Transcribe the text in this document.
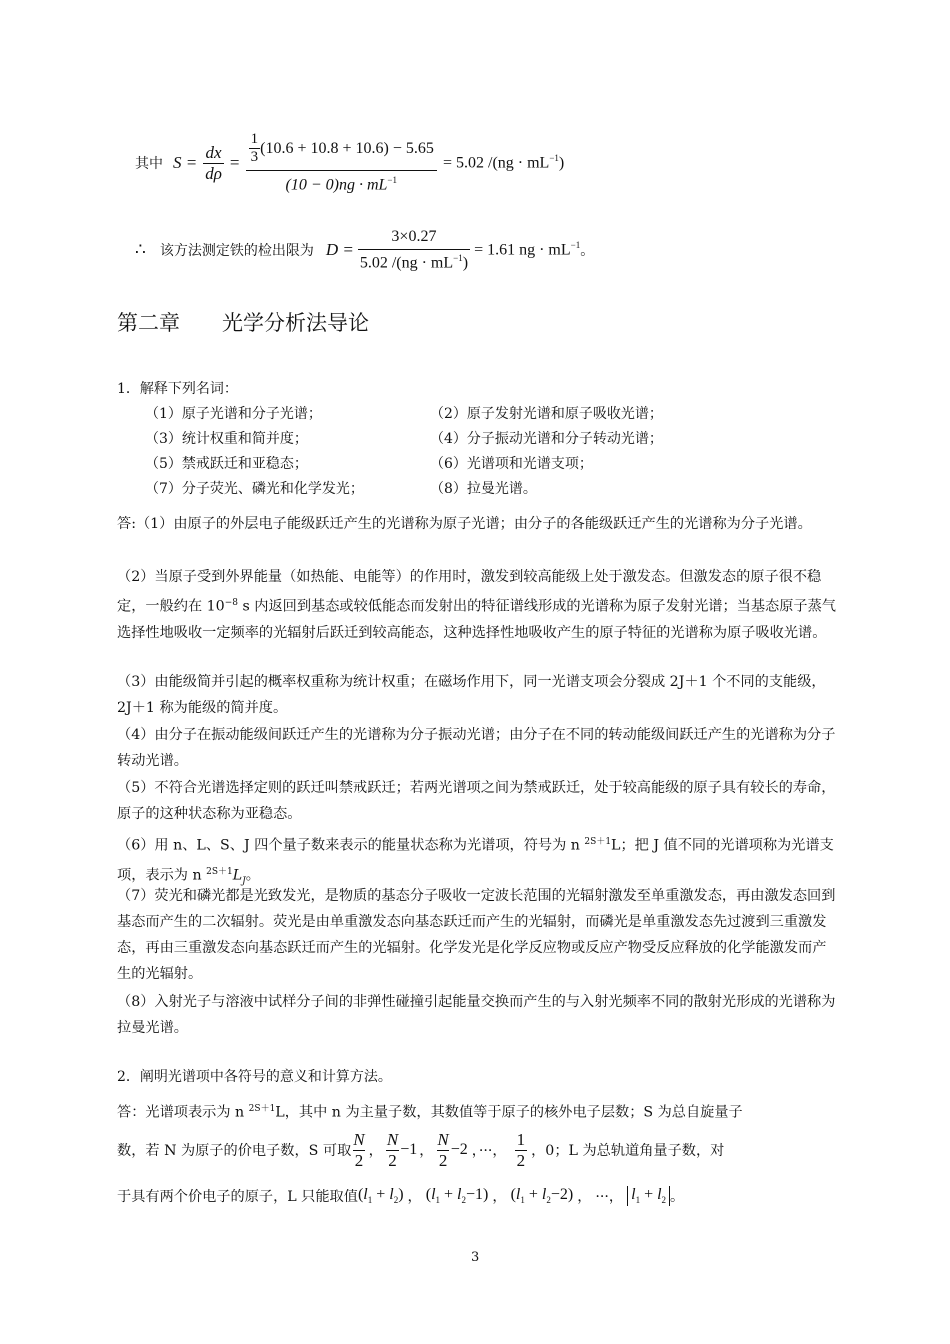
其中 $S = \frac{dx}{d\rho} = \frac{\frac{1}{3} (10.6 + 10.8 + 10.6) - 5.65}{(10 - 0)ng \cdot mL^{-1}} = 5.02$ $/(ng \cdot mL^{-1})$
∴ 该方法测定铁的检出限为 $D = \frac{3\times 0.27}{5.02 /(ng \cdot mL^{-1})} = 1.61$ ng · $mL^{-1}$ 。
第二章　　光学分析法导论
1．解释下列名词：
（1）原子光谱和分子光谱；	（2）原子发射光谱和原子吸收光谱；
（3）统计权重和简并度；	（4）分子振动光谱和分子转动光谱；
（5）禁戒跃迁和亚稳态；	（6）光谱项和光谱支项；
（7）分子荧光、磷光和化学发光；	（8）拉曼光谱。

答:（1）由原子的外层电子能级跃迁产生的光谱称为原子光谱；由分子的各能级跃迁产生的光谱称为分子光谱。

（2）当原子受到外界能量（如热能、电能等）的作用时，激发到较高能级上处于激发态。但激发态的原子很不稳定，一般约在 $10^{-8}$ s 内返回到基态或较低能态而发射出的特征谱线形成的光谱称为原子发射光谱；当基态原子蒸气选择性地吸收一定频率的光辐射后跃迁到较高能态，这种选择性地吸收产生的原子特征的光谱称为原子吸收光谱。

（3）由能级简并引起的概率权重称为统计权重；在磁场作用下，同一光谱支项会分裂成 2J＋1 个不同的支能级，2J＋1 称为能级的简并度。

（4）由分子在振动能级间跃迁产生的光谱称为分子振动光谱；由分子在不同的转动能级间跃迁产生的光谱称为分子转动光谱。

（5）不符合光谱选择定则的跃迁叫禁戒跃迁；若两光谱项之间为禁戒跃迁，处于较高能级的原子具有较长的寿命，原子的这种状态称为亚稳态。

（6）用 n、L、S、J 四个量子数来表示的能量状态称为光谱项，符号为 n $^{2S+1}$L；把 J 值不同的光谱项称为光谱支项，表示为 n $^{2S+1}L_J$。

（7）荧光和磷光都是光致发光，是物质的基态分子吸收一定波长范围的光辐射激发至单重激发态，再由激发态回到基态而产生的二次辐射。荧光是由单重激发态向基态跃迁而产生的光辐射，而磷光是单重激发态先过渡到三重激发态，再由三重激发态向基态跃迁而产生的光辐射。化学发光是化学反应物或反应产物受反应释放的化学能激发而产生的光辐射。

（8）入射光子与溶液中试样分子间的非弹性碰撞引起能量交换而产生的与入射光频率不同的散射光形成的光谱称为拉曼光谱。

2．阐明光谱项中各符号的意义和计算方法。
答：光谱项表示为 n $^{2S+1}$L，其中 n 为主量子数，其数值等于原子的核外电子层数；S 为总自旋量子
数，若 N 为原子的价电子数，S 可取 $\frac{N}{2}$ ， $\frac{N}{2} -1$ ， $\frac{N}{2} -2$ ，···， $\frac{1}{2}$ ，0；L 为总轨道角量子数，对
于具有两个价电子的原子，L 只能取值 $(l_1 + l_2)$ ， $(l_1 + l_2-1)$ ， $(l_1 + l_2-2)$ ， ···， $l_1 + l_2$ 。
3
